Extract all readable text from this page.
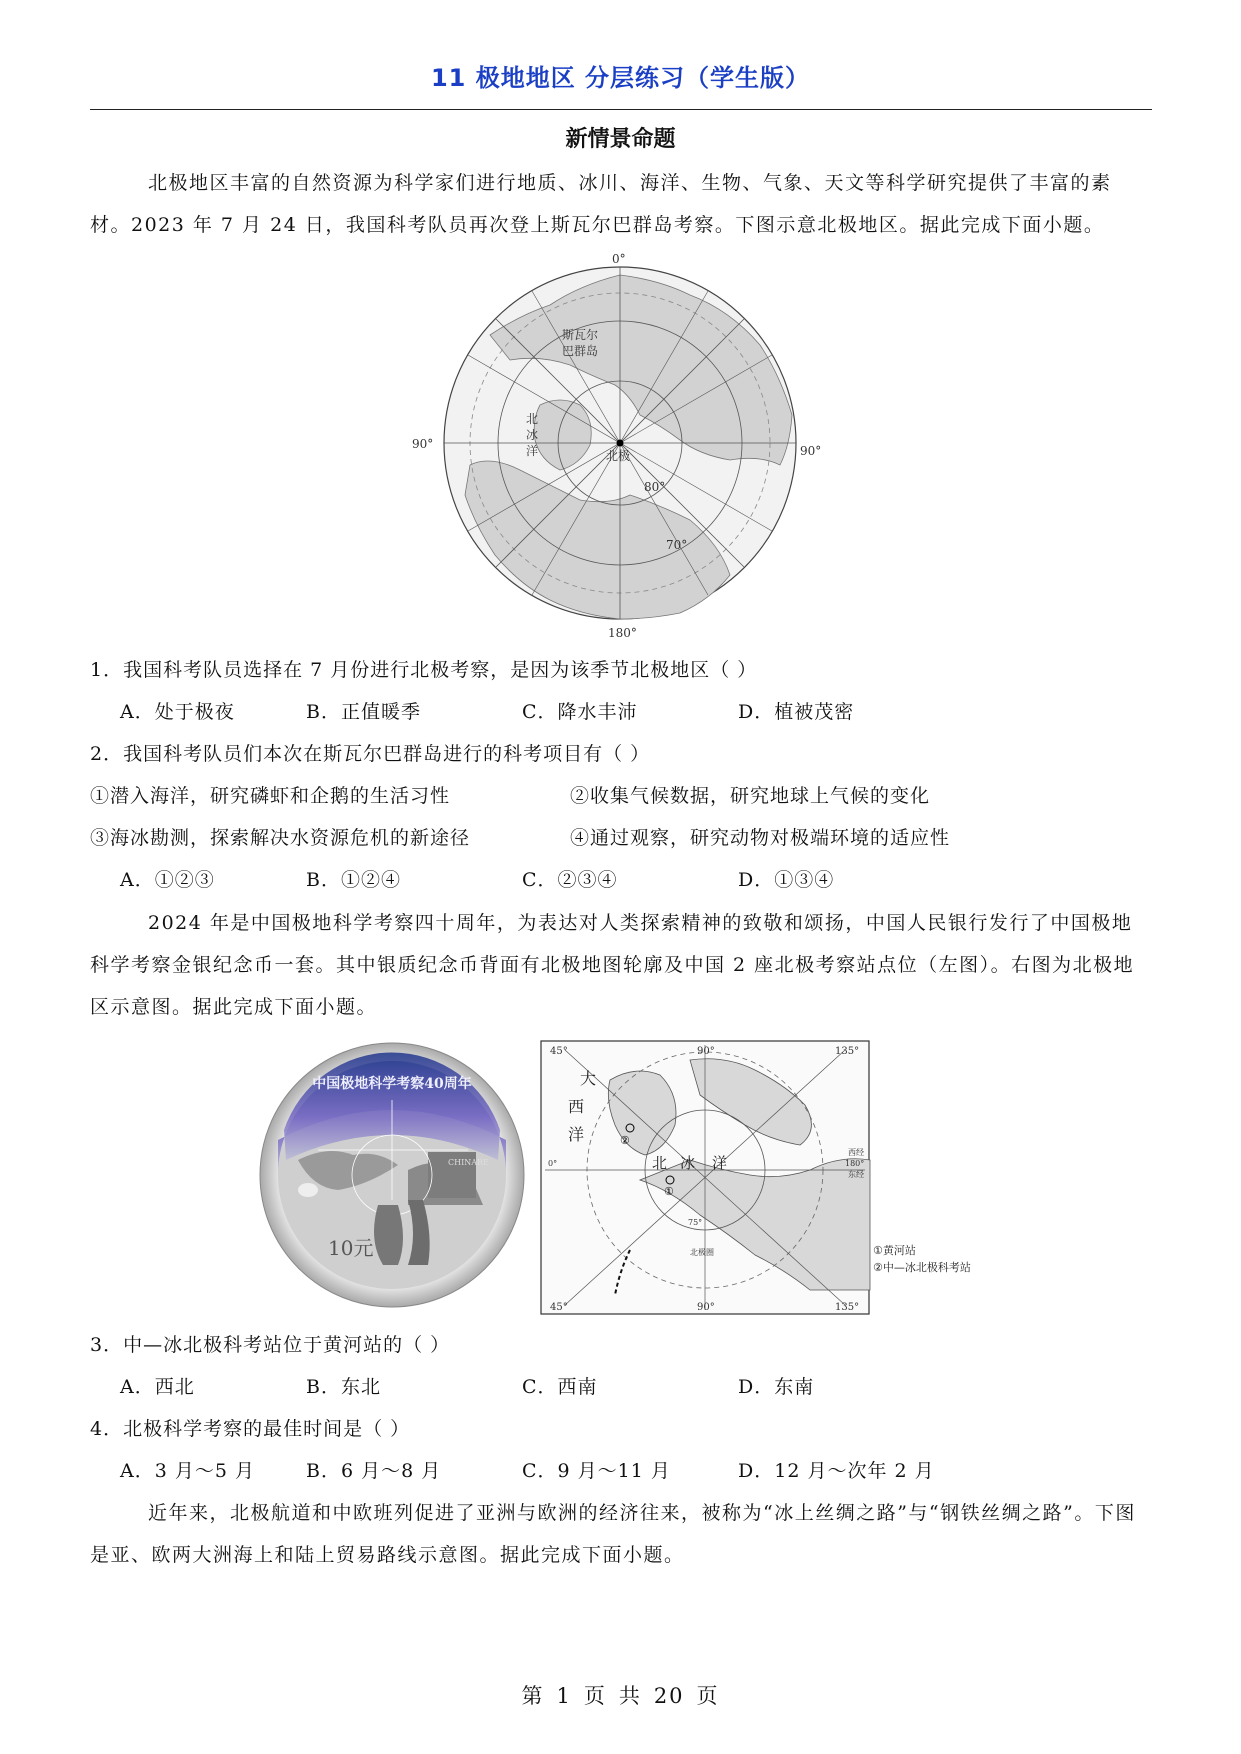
11 极地地区 分层练习（学生版）
新情景命题

北极地区丰富的自然资源为科学家们进行地质、冰川、海洋、生物、气象、天文等科学研究提供了丰富的素材。2023 年 7 月 24 日，我国科考队员再次登上斯瓦尔巴群岛考察。下图示意北极地区。据此完成下面小题。

0°
180°
90°	90°
斯瓦尔
巴群岛
北
冰
洋	北极
80°
70°
1．我国科考队员选择在 7 月份进行北极考察，是因为该季节北极地区（ ）
A．处于极夜	B．正值暖季	C．降水丰沛	D．植被茂密
2．我国科考队员们本次在斯瓦尔巴群岛进行的科考项目有（ ）
①潜入海洋，研究磷虾和企鹅的生活习性	②收集气候数据，研究地球上气候的变化
③海冰勘测，探索解决水资源危机的新途径	④通过观察，研究动物对极端环境的适应性
A．①②③	B．①②④	C．②③④	D．①③④

2024 年是中国极地科学考察四十周年，为表达对人类探索精神的致敬和颂扬，中国人民银行发行了中国极地科学考察金银纪念币一套。其中银质纪念币背面有北极地图轮廓及中国 2 座北极考察站点位（左图）。右图为北极地区示意图。据此完成下面小题。

中国极地科学考察40周年
10元
CHINARE
45°	90°	135°
45°	90°	135°
大
西
洋
北 冰 洋
西经
180°
东经
0°
北极圈
75°
①
②
①黄河站
②中—冰北极科考站
3．中—冰北极科考站位于黄河站的（ ）
A．西北	B．东北	C．西南	D．东南
4．北极科学考察的最佳时间是（ ）
A．3 月～5 月	B．6 月～8 月	C．9 月～11 月	D．12 月～次年 2 月

近年来，北极航道和中欧班列促进了亚洲与欧洲的经济往来，被称为“冰上丝绸之路”与“钢铁丝绸之路”。下图是亚、欧两大洲海上和陆上贸易路线示意图。据此完成下面小题。

第 1 页 共 20 页
